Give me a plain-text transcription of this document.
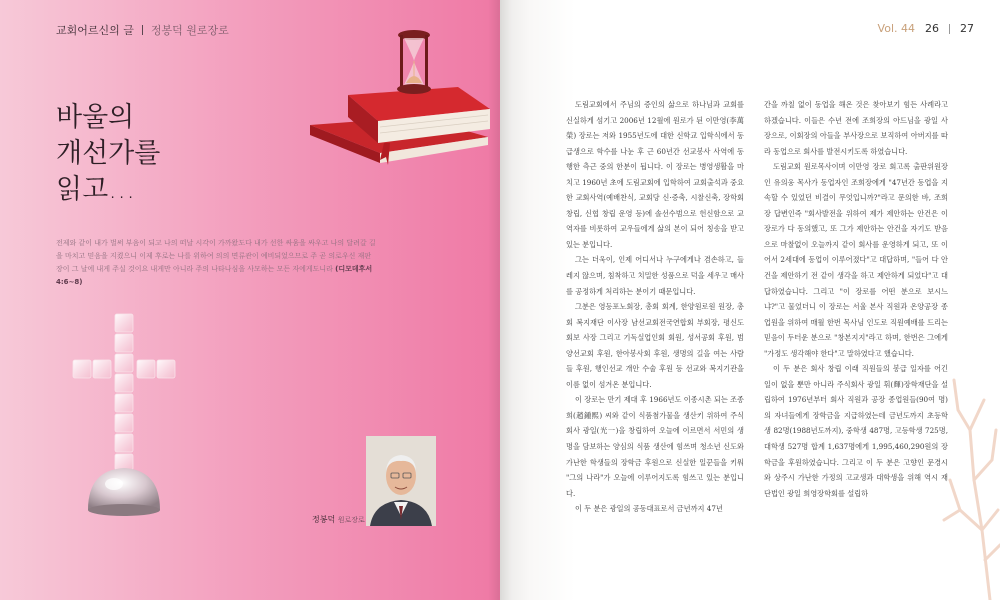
교회어르신의 글 정봉덕 원로장로
바울의
개선가를
읽고…
전제와 같이 내가 벌써 부음이 되고 나의 떠날 시각이 가까왔도다 내가 선한 싸움을 싸우고 나의 달려갈 길을 마치고 믿음을 지켰으니 이제 후로는 나를 위하여 의의 면류관이 예비되었으므로 주 곧 의로우신 재판장이 그 날에 내게 주실 것이요 내게만 아니라 주의 나타나심을 사모하는 모든 자에게도니라 (디모데후서 4:6~8)
정봉덕 원로장로
Vol. 44 26 27

도림교회에서 주님의 증인의 삶으로 하나님과 교회를 신실하게 섬기고 2006년 12월에 원로가 된 이만영(李萬榮) 장로는 저와 1955년도에 대한 신학교 입학식에서 동급생으로 학수를 나눈 후 근 60년간 선교봉사 사역에 동행한 측근 중의 한분이 됩니다. 이 장로는 병영생활을 마치고 1960년 초에 도림교회에 입학하여 교회출석과 중요한 교회사역(예배찬식, 교회당 신·증축, 시찰신축, 장학회 창립, 신협 창립 운영 등)에 솔선수범으로 헌신함으로 교역자를 비롯하여 교우들에게 삶의 본이 되어 칭송을 받고 있는 분입니다.

그는 더욱이, 인제 어디서나 누구에게나 겸손하고, 들레지 않으며, 침착하고 치밀한 성품으로 덕을 세우고 매사를 공정하게 처리하는 분이기 때문입니다.

그분은 영등포노회장, 총회 회계, 한양원로원 원장, 총회 복지재단 이사장 남선교회전국연합회 부회장, 평신도회보 사장 그리고 기독실업인회 회원, 성서공회 후원, 범양선교회 후원, 한아봉사회 후원, 생명의 길을 여는 사람들 후원, 행인선교 개안 수술 후원 등 선교와 복지기관을 이름 없이 섬겨온 분입니다.

이 장로는 만기 제대 후 1966년도 이종시촌 되는 조종희(趙鍾熙) 씨와 같이 식품첨가물을 생산키 위하여 주식회사 광일(光一)을 창립하여 오늘에 이르면서 서민의 생명을 담보하는 양심의 식품 생산에 힘쓰며 청소년 신도와 가난한 학생들의 장학금 후원으로 신실한 일꾼들을 키워 "그의 나라"가 오늘에 이루어지도록 힘쓰고 있는 분입니다.

이 두 분은 광일의 공동대표로서 금년까지 47년

간을 까칠 없이 동업을 해온 것은 찾아보기 힘든 사례라고 하겠습니다. 이들은 수년 전에 조희장의 아드님을 광일 사장으로, 이회장의 아들을 부사장으로 보직하여 아버지를 따라 동업으로 회사를 발전시키도록 하였습니다.

도림교회 원로목사이며 이만영 장로 회고록 출판위원장인 유의웅 목사가 동업자인 조희장에게 "47년간 동업을 지속할 수 있었던 비결이 무엇입니까?"라고 문의한 바, 조희장 답변인즉 "회사발전을 위하여 제가 제안하는 안건은 이 장로가 다 동의했고, 또 그가 제안하는 안건을 자기도 받음으로 마찰없이 오늘까지 같이 회사를 운영하게 되고, 또 이어서 2세대에 동업이 이루어졌다"고 대답하며, "들어 다 안건을 제안하기 전 같이 생각을 하고 제안하게 되었다"고 대답하였습니다. 그리고 "이 장로를 어떤 분으로 보시느냐?"고 물었더니 이 장로는 서울 본사 직원과 온양공장 종업원을 위하여 매월 한번 목사님 인도로 직원예배를 드리는 믿음이 두터운 분으로 "창본지지"라고 하며, 한번은 그에게 "가정도 생각해야 한다"고 말하였다고 했습니다.

이 두 분은 회사 창립 이래 직원들의 봉급 일자를 어긴 일이 없을 뿐만 아니라 주식회사 광일 휘(輝)장학재단을 설립하여 1976년부터 회사 직원과 공장 종업원들(90여 명)의 자녀들에게 장학금을 지급하였는데 금년도까지 초등학생 82명(1988년도까지), 중학생 487명, 고등학생 725명, 대학생 527명 합계 1,637명에게 1,995,460,290원의 장학금을 후원하였습니다. 그리고 이 두 분은 고향인 문경시와 상주시 가난한 가정의 고교생과 대학생을 위해 역시 재단법인 광일 희영장학회를 설립하
